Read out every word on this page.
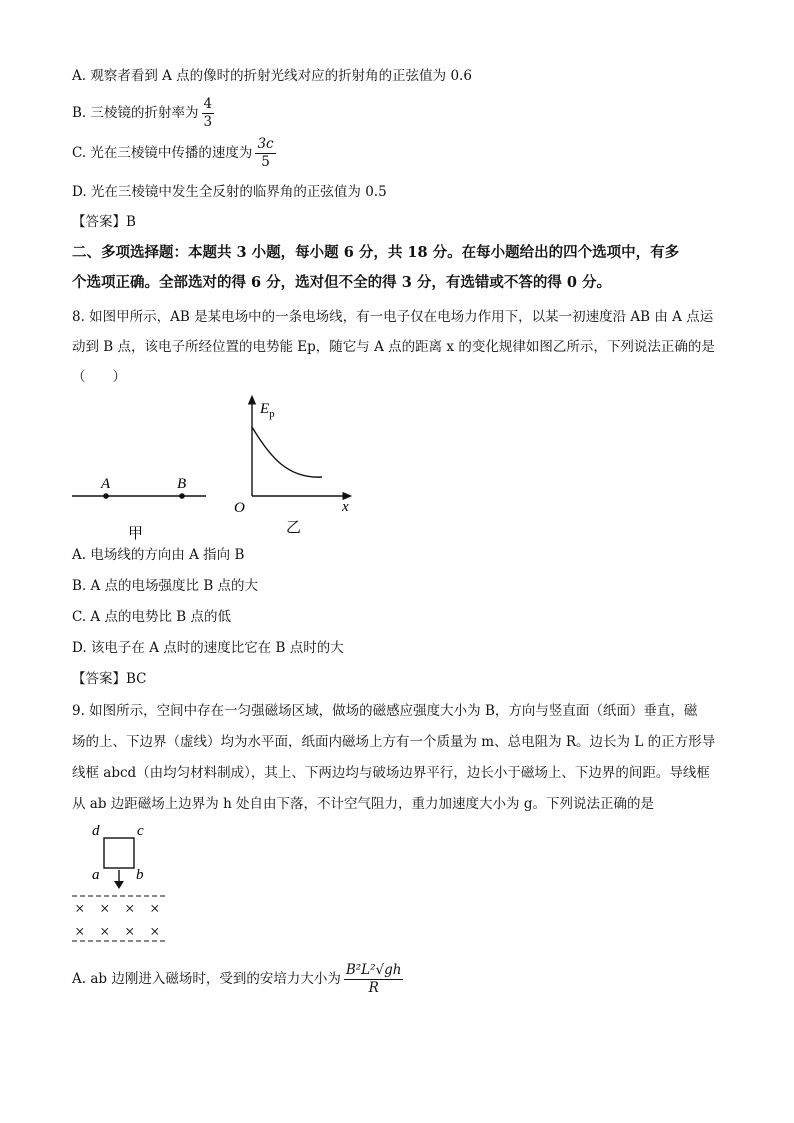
A. 观察者看到 A 点的像时的折射光线对应的折射角的正弦值为 0.6
B. 三棱镜的折射率为 $\frac{4}{3}$
C. 光在三棱镜中传播的速度为 $\frac{3c}{5}$
D. 光在三棱镜中发生全反射的临界角的正弦值为 0.5
【答案】B
二、多项选择题：本题共 3 小题，每小题 6 分，共 18 分。在每小题给出的四个选项中，有多
个选项正确。全部选对的得 6 分，选对但不全的得 3 分，有选错或不答的得 0 分。
8. 如图甲所示，AB 是某电场中的一条电场线，有一电子仅在电场力作用下，以某一初速度沿 AB 由 A 点运
动到 B 点，该电子所经位置的电势能 Ep，随它与 A 点的距离 x 的变化规律如图乙所示，下列说法正确的是
（　　）
A	B
甲
$E_p$
O	x
乙
A. 电场线的方向由 A 指向 B
B. A 点的电场强度比 B 点的大
C. A 点的电势比 B 点的低
D. 该电子在 A 点时的速度比它在 B 点时的大
【答案】BC
9. 如图所示，空间中存在一匀强磁场区域，做场的磁感应强度大小为 B，方向与竖直面（纸面）垂直，磁
场的上、下边界（虚线）均为水平面，纸面内磁场上方有一个质量为 m、总电阻为 R。边长为 L 的正方形导
线框 abcd（由均匀材料制成），其上、下两边均与破场边界平行，边长小于磁场上、下边界的间距。导线框
从 ab 边距磁场上边界为 h 处自由下落，不计空气阻力，重力加速度大小为 g。下列说法正确的是
d	c
a b
× × × ×
× × × ×
A. ab 边刚进入磁场时，受到的安培力大小为 $\frac{\text{B²L²√gh}}{R}$
